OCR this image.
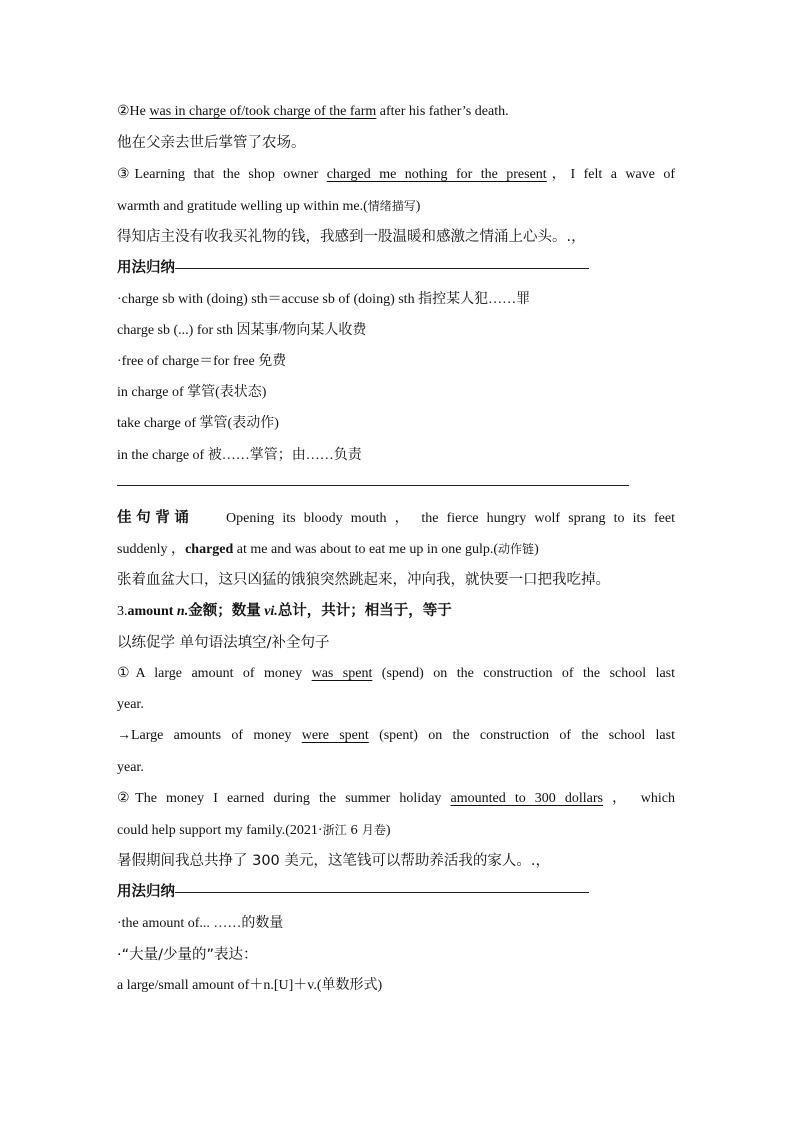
②He was in charge of/took charge of the farm after his father’s death.
他在父亲去世后掌管了农场。
③Learning that the shop owner charged me nothing for the present，I felt a wave of
warmth and gratitude welling up within me.(情绪描写)
得知店主没有收我买礼物的钱，我感到一股温暖和感激之情涌上心头。.，
用法归纳
·charge sb with (doing) sth＝accuse sb of (doing) sth 指控某人犯……罪
charge sb (...) for sth 因某事/物向某人收费
·free of charge＝for free 免费
in charge of 掌管(表状态)
take charge of 掌管(表动作)
in the charge of 被……掌管；由……负责
佳句背诵 Opening its bloody mouth ， the fierce hungry wolf sprang to its feet
suddenly ，charged at me and was about to eat me up in one gulp.(动作链)
张着血盆大口，这只凶猛的饿狼突然跳起来，冲向我，就快要一口把我吃掉。
3.amount n.金额；数量 vi.总计，共计；相当于，等于
以练促学 单句语法填空/补全句子
①A large amount of money was spent (spend) on the construction of the school last
year.
→Large amounts of money were spent (spent) on the construction of the school last
year.
②The money I earned during the summer holiday amounted to 300 dollars ， which
could help support my family.(2021·浙江 6 月卷)
暑假期间我总共挣了 300 美元，这笔钱可以帮助养活我的家人。.，
用法归纳
·the amount of... ……的数量
·“大量/少量的”表达：
a large/small amount of＋n.[U]＋v.(单数形式)
